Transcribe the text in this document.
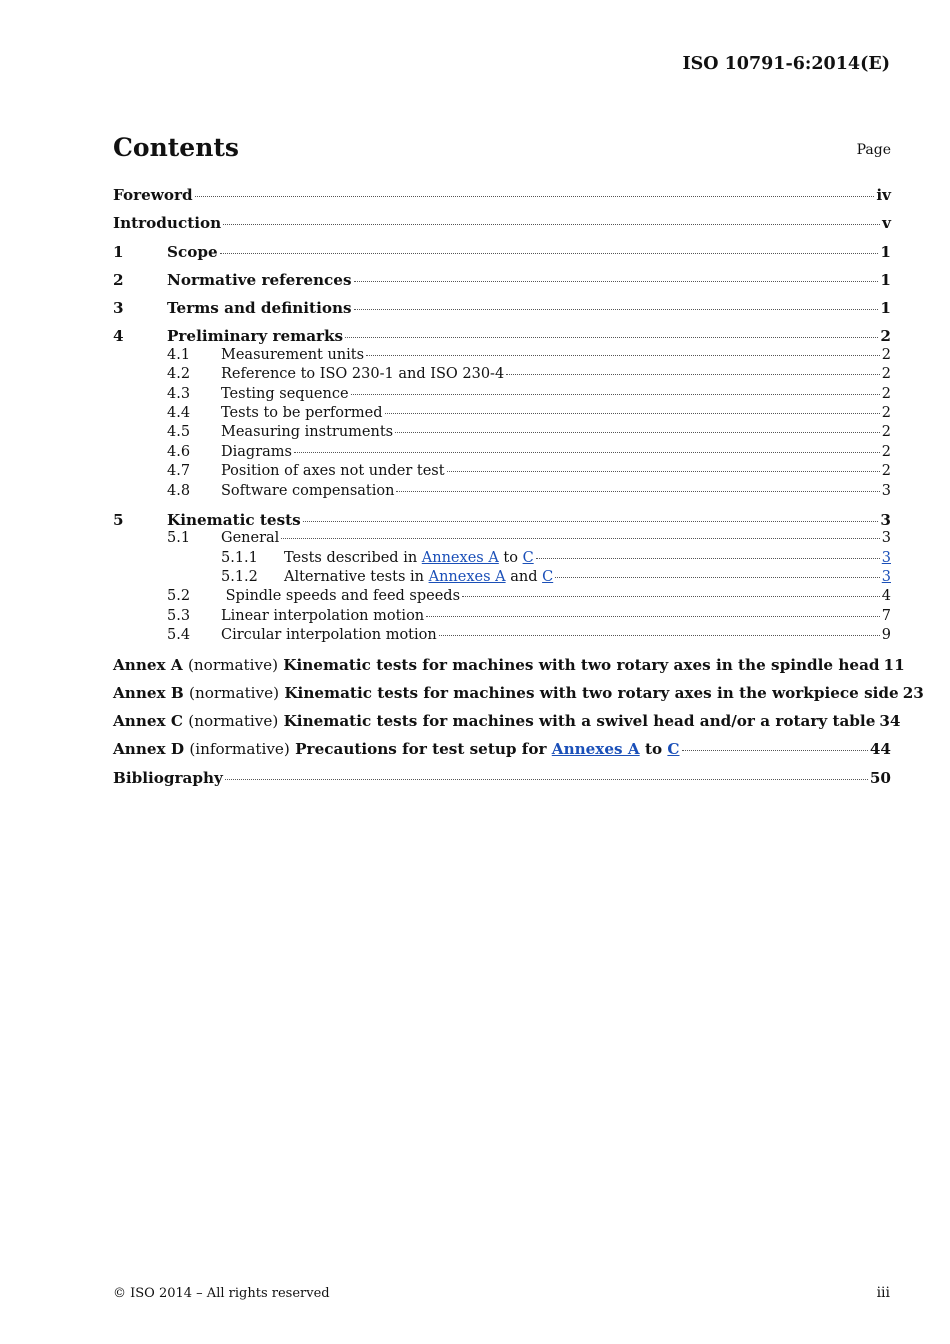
ISO 10791-6:2014(E)
Contents	Page
Foreword	iv
Introduction	v
1	Scope	1
2	Normative references	1
3	Terms and definitions	1
4	Preliminary remarks	2
4.1	Measurement units	2
4.2	Reference to ISO 230-1 and ISO 230-4	2
4.3	Testing sequence	2
4.4	Tests to be performed	2
4.5	Measuring instruments	2
4.6	Diagrams	2
4.7	Position of axes not under test	2
4.8	Software compensation	3
5	Kinematic tests	3
5.1	General	3
5.1.1	Tests described in Annexes A to C	3
5.1.2	Alternative tests in Annexes A and C	3
5.2	Spindle speeds and feed speeds	4
5.3	Linear interpolation motion	7
5.4	Circular interpolation motion	9
Annex A (normative) Kinematic tests for machines with two rotary axes in the spindle head 11
Annex B (normative) Kinematic tests for machines with two rotary axes in the workpiece side 23
Annex C (normative) Kinematic tests for machines with a swivel head and/or a rotary table 34
Annex D (informative) Precautions for test setup for Annexes A to C	44
Bibliography	50
© ISO 2014 – All rights reserved	iii
